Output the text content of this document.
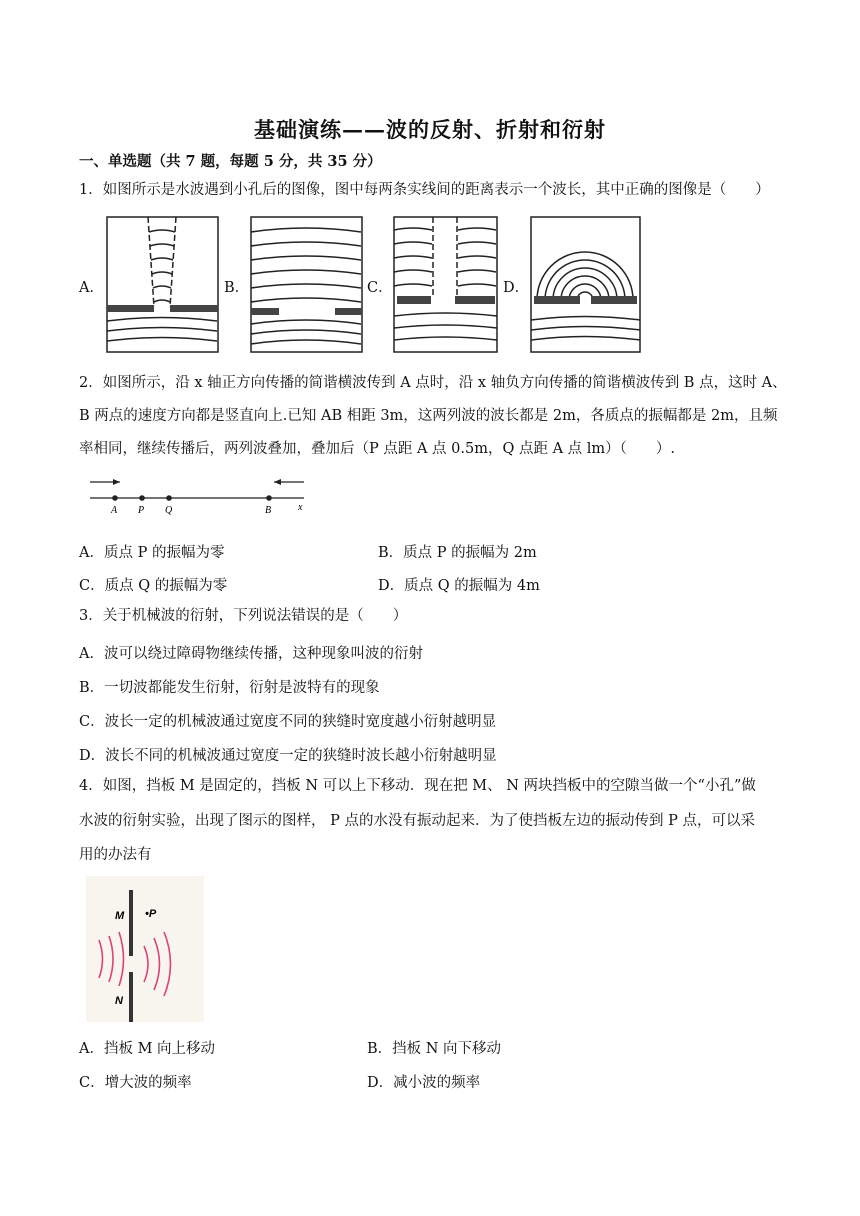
基础演练——波的反射、折射和衍射
一、单选题（共 7 题，每题 5 分，共 35 分）
1．如图所示是水波遇到小孔后的图像，图中每两条实线间的距离表示一个波长，其中正确的图像是（　　）
A．	B．	C．	D．
2．如图所示，沿 x 轴正方向传播的简谐横波传到 A 点时，沿 x 轴负方向传播的简谐横波传到 B 点，这时 A、
B 两点的速度方向都是竖直向上.已知 AB 相距 3m，这两列波的波长都是 2m，各质点的振幅都是 2m，且频
率相同，继续传播后，两列波叠加，叠加后（P 点距 A 点 0.5m，Q 点距 A 点 lm）（　　）.
A P Q	B	x
A．质点 P 的振幅为零	B．质点 P 的振幅为 2m
C．质点 Q 的振幅为零	D．质点 Q 的振幅为 4m
3．关于机械波的衍射，下列说法错误的是（　　）
A．波可以绕过障碍物继续传播，这种现象叫波的衍射
B．一切波都能发生衍射，衍射是波特有的现象
C．波长一定的机械波通过宽度不同的狭缝时宽度越小衍射越明显
D．波长不同的机械波通过宽度一定的狭缝时波长越小衍射越明显
4．如图，挡板 M 是固定的，挡板 N 可以上下移动．现在把 M、 N 两块挡板中的空隙当做一个“小孔”做
水波的衍射实验，出现了图示的图样， P 点的水没有振动起来．为了使挡板左边的振动传到 P 点，可以采
用的办法有
M •P
N
A．挡板 M 向上移动	B．挡板 N 向下移动
C．增大波的频率	D．减小波的频率
